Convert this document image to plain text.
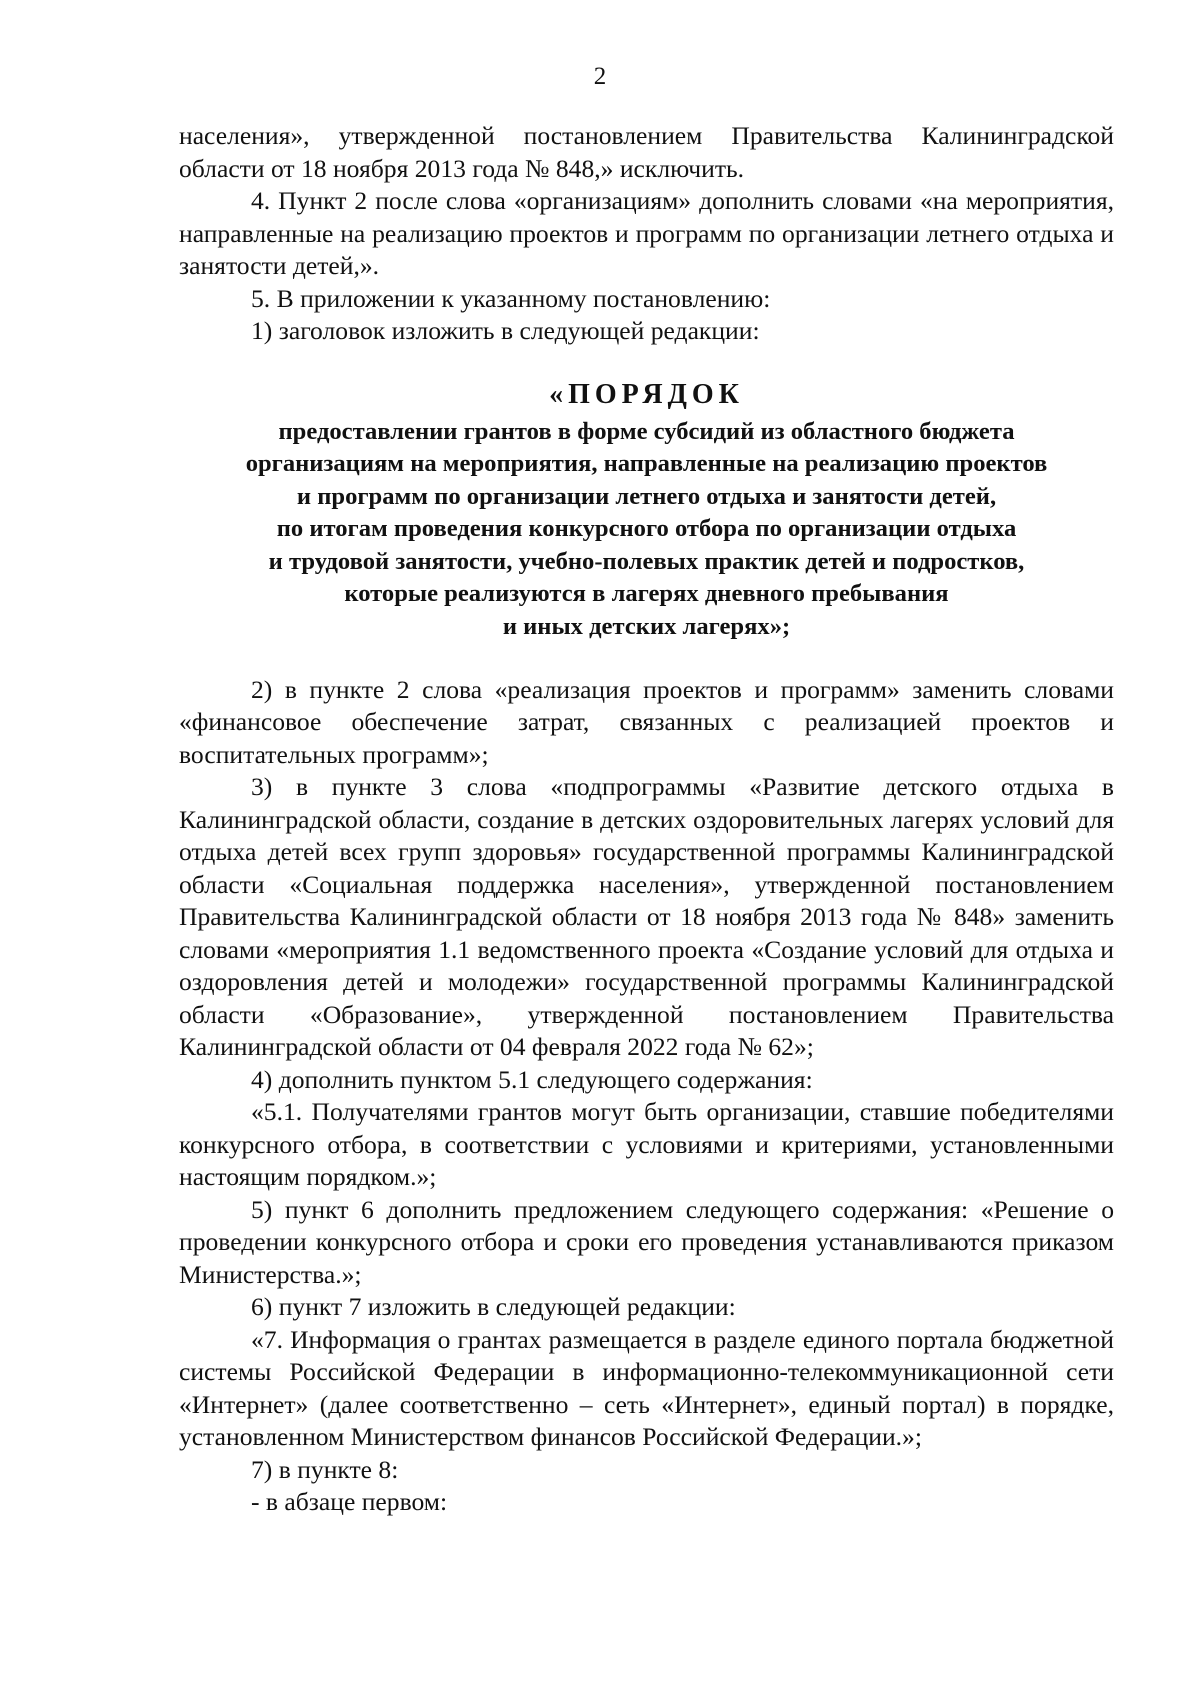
2

населения», утвержденной постановлением Правительства Калининградской области от 18 ноября 2013 года № 848,» исключить.

4. Пункт 2 после слова «организациям» дополнить словами «на мероприятия, направленные на реализацию проектов и программ по организации летнего отдыха и занятости детей,».

5. В приложении к указанному постановлению:

1) заголовок изложить в следующей редакции:

«ПОРЯДОК

предоставлении грантов в форме субсидий из областного бюджета
организациям на мероприятия, направленные на реализацию проектов
и программ по организации летнего отдыха и занятости детей,
по итогам проведения конкурсного отбора по организации отдыха
и трудовой занятости, учебно-полевых практик детей и подростков,
которые реализуются в лагерях дневного пребывания
и иных детских лагерях»;

2) в пункте 2 слова «реализация проектов и программ» заменить словами «финансовое обеспечение затрат, связанных с реализацией проектов и воспитательных программ»;

3) в пункте 3 слова «подпрограммы «Развитие детского отдыха в Калининградской области, создание в детских оздоровительных лагерях условий для отдыха детей всех групп здоровья» государственной программы Калининградской области «Социальная поддержка населения», утвержденной постановлением Правительства Калининградской области от 18 ноября 2013 года № 848» заменить словами «мероприятия 1.1 ведомственного проекта «Создание условий для отдыха и оздоровления детей и молодежи» государственной программы Калининградской области «Образование», утвержденной постановлением Правительства Калининградской области от 04 февраля 2022 года № 62»;

4) дополнить пунктом 5.1 следующего содержания:

«5.1. Получателями грантов могут быть организации, ставшие победителями конкурсного отбора, в соответствии с условиями и критериями, установленными настоящим порядком.»;

5) пункт 6 дополнить предложением следующего содержания: «Решение о проведении конкурсного отбора и сроки его проведения устанавливаются приказом Министерства.»;

6) пункт 7 изложить в следующей редакции:

«7. Информация о грантах размещается в разделе единого портала бюджетной системы Российской Федерации в информационно-телекоммуникационной сети «Интернет» (далее соответственно – сеть «Интернет», единый портал) в порядке, установленном Министерством финансов Российской Федерации.»;

7) в пункте 8:

- в абзаце первом:
